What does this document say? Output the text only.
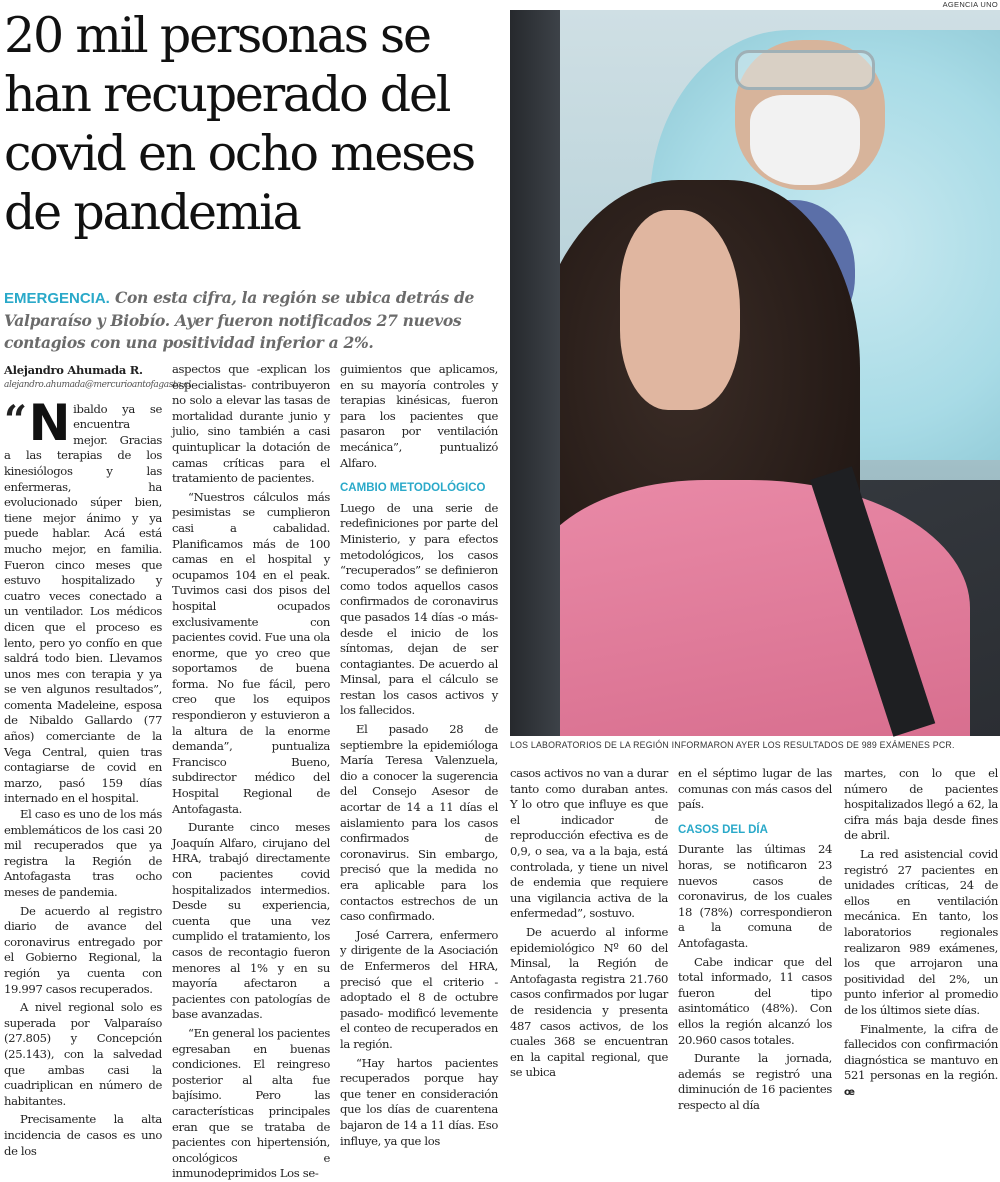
20 mil personas se han recuperado del covid en ocho meses de pandemia
EMERGENCIA. Con esta cifra, la región se ubica detrás de Valparaíso y Biobío. Ayer fueron notificados 27 nuevos contagios con una positividad inferior a 2%.
AGENCIA UNO
LOS LABORATORIOS DE LA REGIÓN INFORMARON AYER LOS RESULTADOS DE 989 EXÁMENES PCR.
Alejandro Ahumada R.
alejandro.ahumada@mercurioantofagasta.cl
“ N ibaldo ya se encuentra mejor. Gracias a las terapias de los kinesiólogos y las enfermeras, ha evolucionado súper bien, tiene mejor ánimo y ya puede hablar. Acá está mucho mejor, en familia. Fueron cinco meses que estuvo hospitalizado y cuatro veces conectado a un ventilador. Los médicos dicen que el proceso es lento, pero yo confío en que saldrá todo bien. Llevamos unos mes con terapia y ya se ven algunos resultados”, comenta Madeleine, esposa de Nibaldo Gallardo (77 años) comerciante de la Vega Central, quien tras contagiarse de covid en marzo, pasó 159 días internado en el hospital.

El caso es uno de los más emblemáticos de los casi 20 mil recuperados que ya registra la Región de Antofagasta tras ocho meses de pandemia.

De acuerdo al registro diario de avance del coronavirus entregado por el Gobierno Regional, la región ya cuenta con 19.997 casos recuperados.

A nivel regional solo es superada por Valparaíso (27.805) y Concepción (25.143), con la salvedad que ambas casi la cuadriplican en número de habitantes.

Precisamente la alta incidencia de casos es uno de los

aspectos que -explican los especialistas- contribuyeron no solo a elevar las tasas de mortalidad durante junio y julio, sino también a casi quintuplicar la dotación de camas críticas para el tratamiento de pacientes.

“Nuestros cálculos más pesimistas se cumplieron casi a cabalidad. Planificamos más de 100 camas en el hospital y ocupamos 104 en el peak. Tuvimos casi dos pisos del hospital ocupados exclusivamente con pacientes covid. Fue una ola enorme, que yo creo que soportamos de buena forma. No fue fácil, pero creo que los equipos respondieron y estuvieron a la altura de la enorme demanda”, puntualiza Francisco Bueno, subdirector médico del Hospital Regional de Antofagasta.

Durante cinco meses Joaquín Alfaro, cirujano del HRA, trabajó directamente con pacientes covid hospitalizados intermedios. Desde su experiencia, cuenta que una vez cumplido el tratamiento, los casos de recontagio fueron menores al 1% y en su mayoría afectaron a pacientes con patologías de base avanzadas.

“En general los pacientes egresaban en buenas condiciones. El reingreso posterior al alta fue bajísimo. Pero las características principales eran que se trataba de pacientes con hipertensión, oncológicos e inmunodeprimidos Los se-

guimientos que aplicamos, en su mayoría controles y terapias kinésicas, fueron para los pacientes que pasaron por ventilación mecánica”, puntualizó Alfaro.

CAMBIO METODOLÓGICO

Luego de una serie de redefiniciones por parte del Ministerio, y para efectos metodológicos, los casos “recuperados” se definieron como todos aquellos casos confirmados de coronavirus que pasados 14 días -o más- desde el inicio de los síntomas, dejan de ser contagiantes. De acuerdo al Minsal, para el cálculo se restan los casos activos y los fallecidos.

El pasado 28 de septiembre la epidemióloga María Teresa Valenzuela, dio a conocer la sugerencia del Consejo Asesor de acortar de 14 a 11 días el aislamiento para los casos confirmados de coronavirus. Sin embargo, precisó que la medida no era aplicable para los contactos estrechos de un caso confirmado.

José Carrera, enfermero y dirigente de la Asociación de Enfermeros del HRA, precisó que el criterio -adoptado el 8 de octubre pasado- modificó levemente el conteo de recuperados en la región.

“Hay hartos pacientes recuperados porque hay que tener en consideración que los días de cuarentena bajaron de 14 a 11 días. Eso influye, ya que los

casos activos no van a durar tanto como duraban antes. Y lo otro que influye es que el indicador de reproducción efectiva es de 0,9, o sea, va a la baja, está controlada, y tiene un nivel de endemia que requiere una vigilancia activa de la enfermedad”, sostuvo.

De acuerdo al informe epidemiológico Nº 60 del Minsal, la Región de Antofagasta registra 21.760 casos confirmados por lugar de residencia y presenta 487 casos activos, de los cuales 368 se encuentran en la capital regional, que se ubica

en el séptimo lugar de las comunas con más casos del país.

CASOS DEL DÍA

Durante las últimas 24 horas, se notificaron 23 nuevos casos de coronavirus, de los cuales 18 (78%) correspondieron a la comuna de Antofagasta.

Cabe indicar que del total informado, 11 casos fueron del tipo asintomático (48%). Con ellos la región alcanzó los 20.960 casos totales.

Durante la jornada, además se registró una diminución de 16 pacientes respecto al día

martes, con lo que el número de pacientes hospitalizados llegó a 62, la cifra más baja desde fines de abril.

La red asistencial covid registró 27 pacientes en unidades críticas, 24 de ellos en ventilación mecánica. En tanto, los laboratorios regionales realizaron 989 exámenes, los que arrojaron una positividad del 2%, un punto inferior al promedio de los últimos siete días.

Finalmente, la cifra de fallecidos con confirmación diagnóstica se mantuvo en 521 personas en la región. œ
